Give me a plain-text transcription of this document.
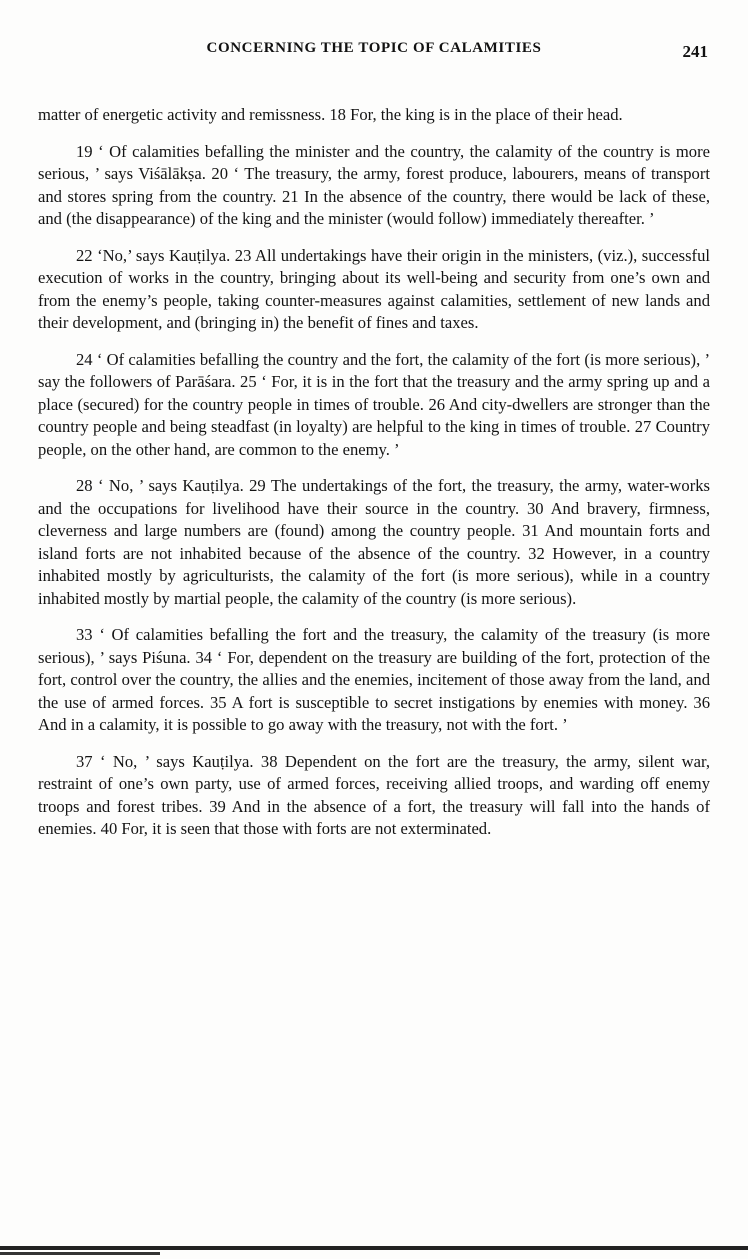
CONCERNING THE TOPIC OF CALAMITIES	241

matter of energetic activity and remissness. 18 For, the king is in the place of their head.

19 ‘ Of calamities befalling the minister and the country, the calamity of the country is more serious, ’ says Viśālākṣa. 20 ‘ The treasury, the army, forest produce, labourers, means of transport and stores spring from the country. 21 In the absence of the country, there would be lack of these, and (the disappearance) of the king and the minister (would follow) immediately thereafter. ’

22 ‘No,’ says Kauṭilya. 23 All undertakings have their origin in the ministers, (viz.), successful execution of works in the country, bringing about its well-being and security from one’s own and from the enemy’s people, taking counter-measures against calamities, settlement of new lands and their development, and (bringing in) the benefit of fines and taxes.

24 ‘ Of calamities befalling the country and the fort, the calamity of the fort (is more serious), ’ say the followers of Parāśara. 25 ‘ For, it is in the fort that the treasury and the army spring up and a place (secured) for the country people in times of trouble. 26 And city-dwellers are stronger than the country people and being steadfast (in loyalty) are helpful to the king in times of trouble. 27 Country people, on the other hand, are common to the enemy. ’

28 ‘ No, ’ says Kauṭilya. 29 The undertakings of the fort, the treasury, the army, water-works and the occupations for livelihood have their source in the country. 30 And bravery, firmness, cleverness and large numbers are (found) among the country people. 31 And mountain forts and island forts are not inhabited because of the absence of the country. 32 However, in a country inhabited mostly by agriculturists, the calamity of the fort (is more serious), while in a country inhabited mostly by martial people, the calamity of the country (is more serious).

33 ‘ Of calamities befalling the fort and the treasury, the calamity of the treasury (is more serious), ’ says Piśuna. 34 ‘ For, dependent on the treasury are building of the fort, protection of the fort, control over the country, the allies and the enemies, incitement of those away from the land, and the use of armed forces. 35 A fort is susceptible to secret instigations by enemies with money. 36 And in a calamity, it is possible to go away with the treasury, not with the fort. ’

37 ‘ No, ’ says Kauṭilya. 38 Dependent on the fort are the treasury, the army, silent war, restraint of one’s own party, use of armed forces, receiving allied troops, and warding off enemy troops and forest tribes. 39 And in the absence of a fort, the treasury will fall into the hands of enemies. 40 For, it is seen that those with forts are not exterminated.
